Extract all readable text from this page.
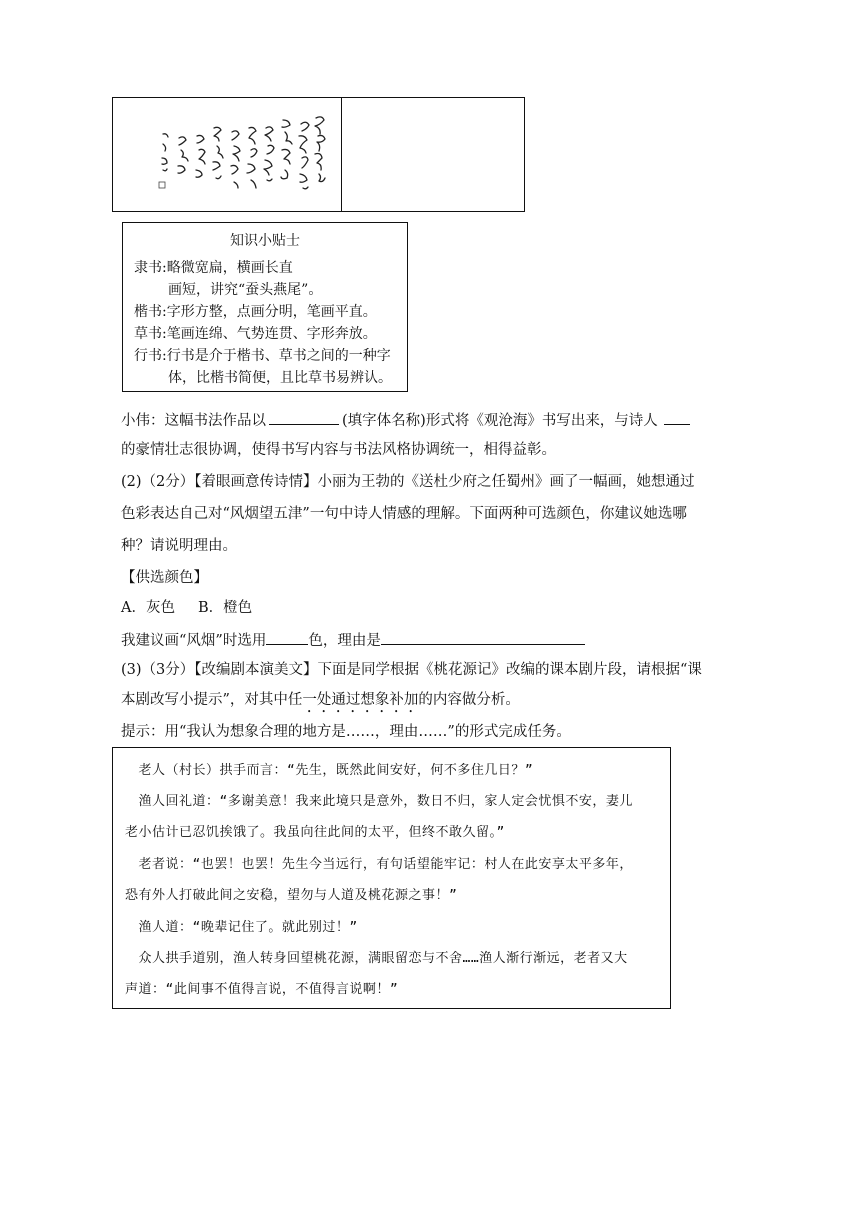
知识小贴士
隶书:略微宽扁，横画长直
画短，讲究“蚕头燕尾”。
楷书:字形方整，点画分明，笔画平直。
草书:笔画连绵、气势连贯、字形奔放。
行书:行书是介于楷书、草书之间的一种字
体，比楷书简便，且比草书易辨认。
小伟：这幅书法作品以	(填字体名称)形式将《观沧海》书写出来，与诗人
的豪情壮志很协调，使得书写内容与书法风格协调统一，相得益彰。
(2)（2分）【着眼画意传诗情】小丽为王勃的《送杜少府之任蜀州》画了一幅画，她想通过
色彩表达自己对“风烟望五津”一句中诗人情感的理解。下面两种可选颜色，你建议她选哪
种？请说明理由。
【供选颜色】
A．灰色     B．橙色
我建议画“风烟”时选用	色，理由是
(3)（3分）【改编剧本演美文】下面是同学根据《桃花源记》改编的课本剧片段，请根据“课
本剧改写小提示”，对其中任一处通过想象补加的内容做分析。
提示：用“我认为想象合理的地方是……，理由……”的形式完成任务。
　老人（村长）拱手而言：“先生，既然此间安好，何不多住几日？”
　渔人回礼道：“多谢美意！我来此境只是意外，数日不归，家人定会忧惧不安，妻儿
老小估计已忍饥挨饿了。我虽向往此间的太平，但终不敢久留。”
　老者说：“也罢！也罢！先生今当远行，有句话望能牢记：村人在此安享太平多年，
恐有外人打破此间之安稳，望勿与人道及桃花源之事！”
　渔人道：“晚辈记住了。就此别过！”
　众人拱手道别，渔人转身回望桃花源，满眼留恋与不舍……渔人渐行渐远，老者又大
声道：“此间事不值得言说，不值得言说啊！”
